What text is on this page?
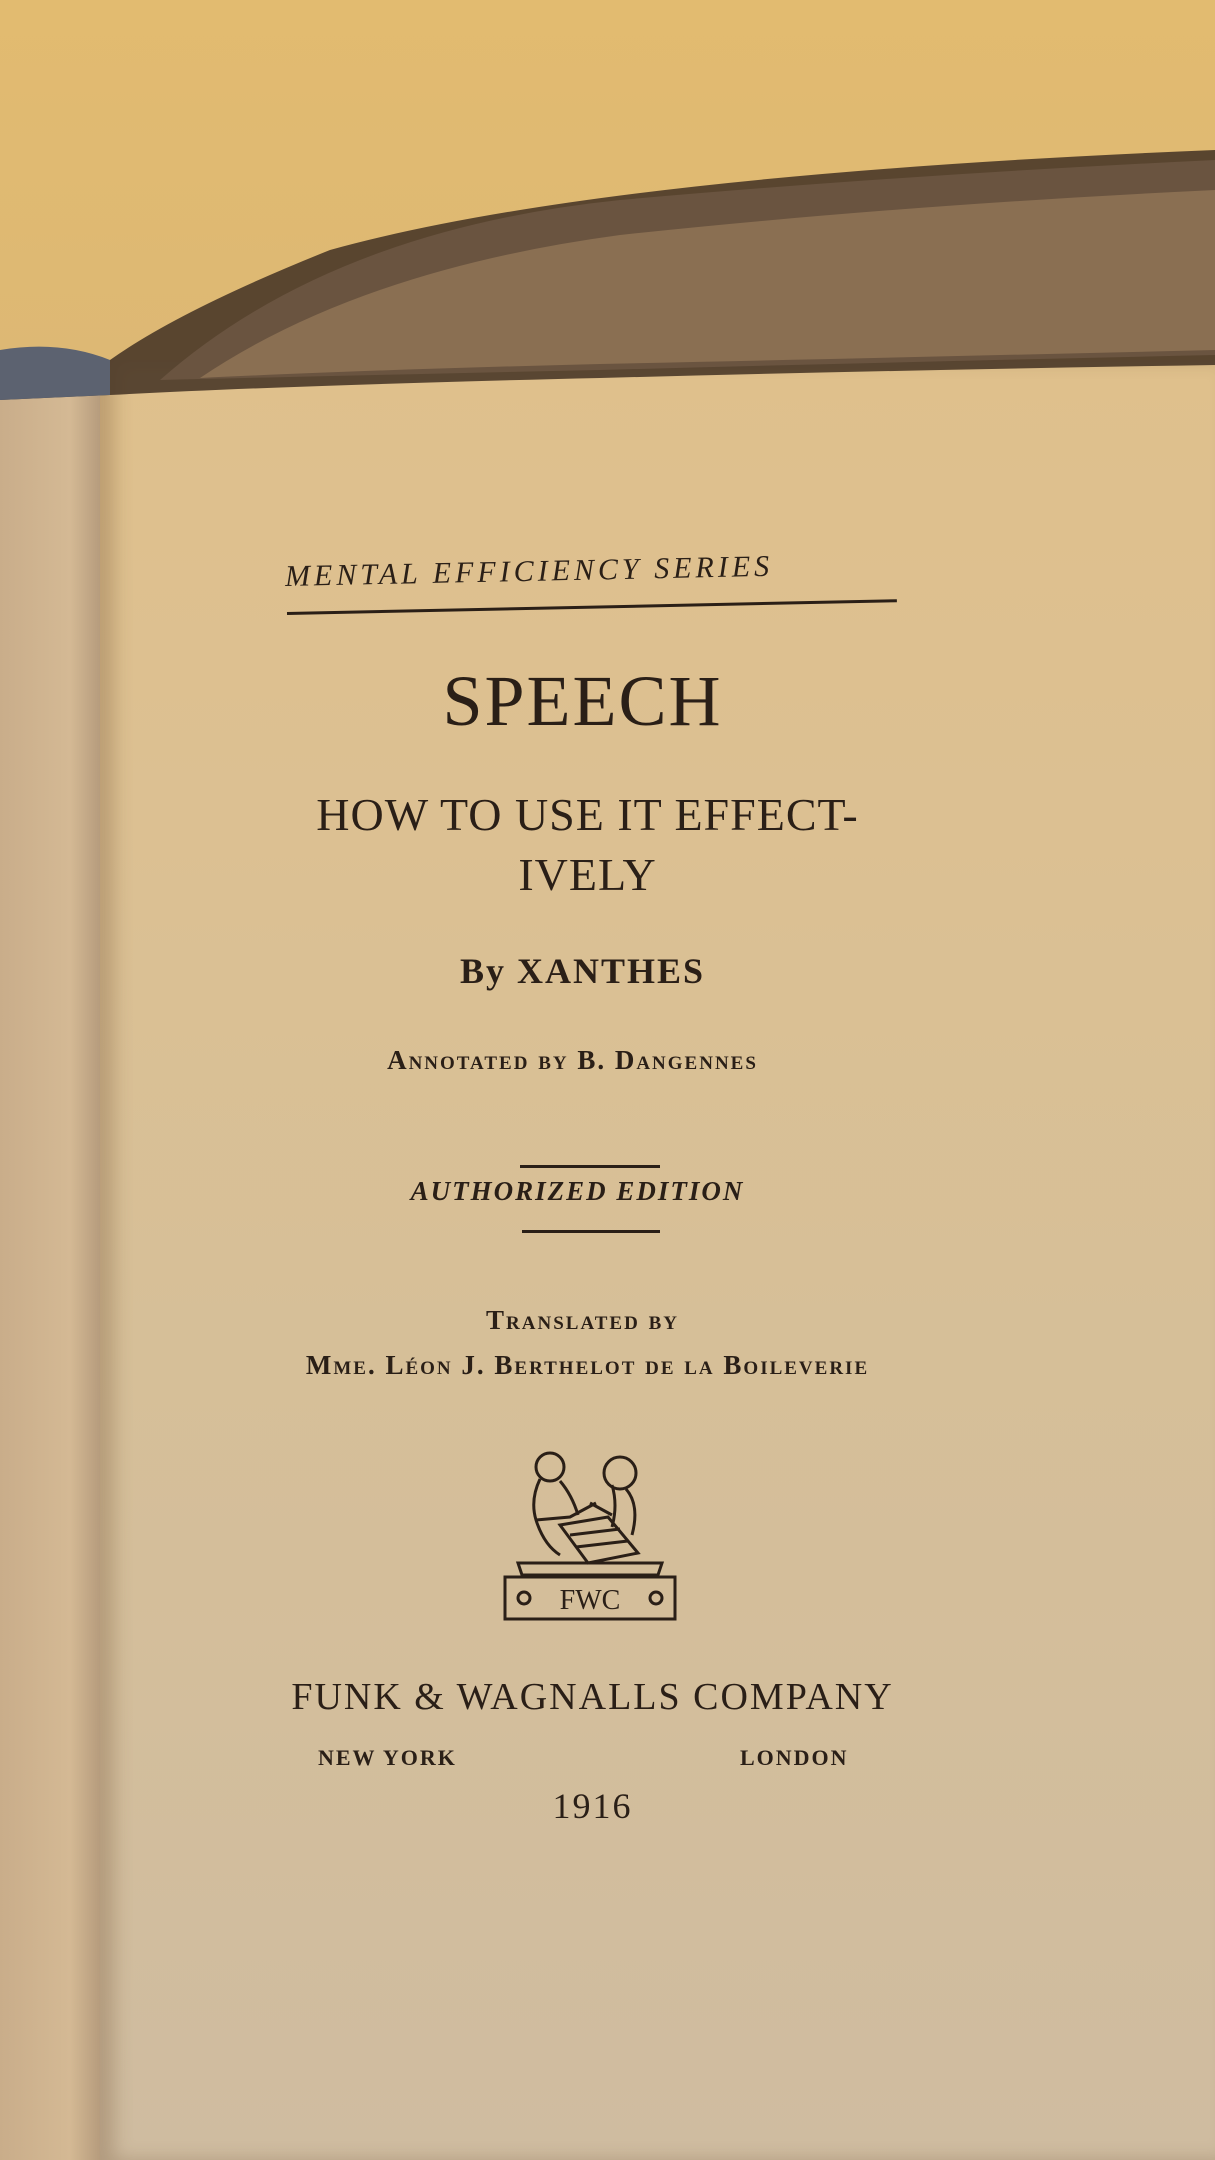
MENTAL EFFICIENCY SERIES
SPEECH
HOW TO USE IT EFFECT-
IVELY
By XANTHES
Annotated by B. Dangennes
AUTHORIZED EDITION
Translated by
Mme. Léon J. Berthelot de la Boileverie
FWC
FUNK & WAGNALLS COMPANY
NEW YORK	LONDON
1916
